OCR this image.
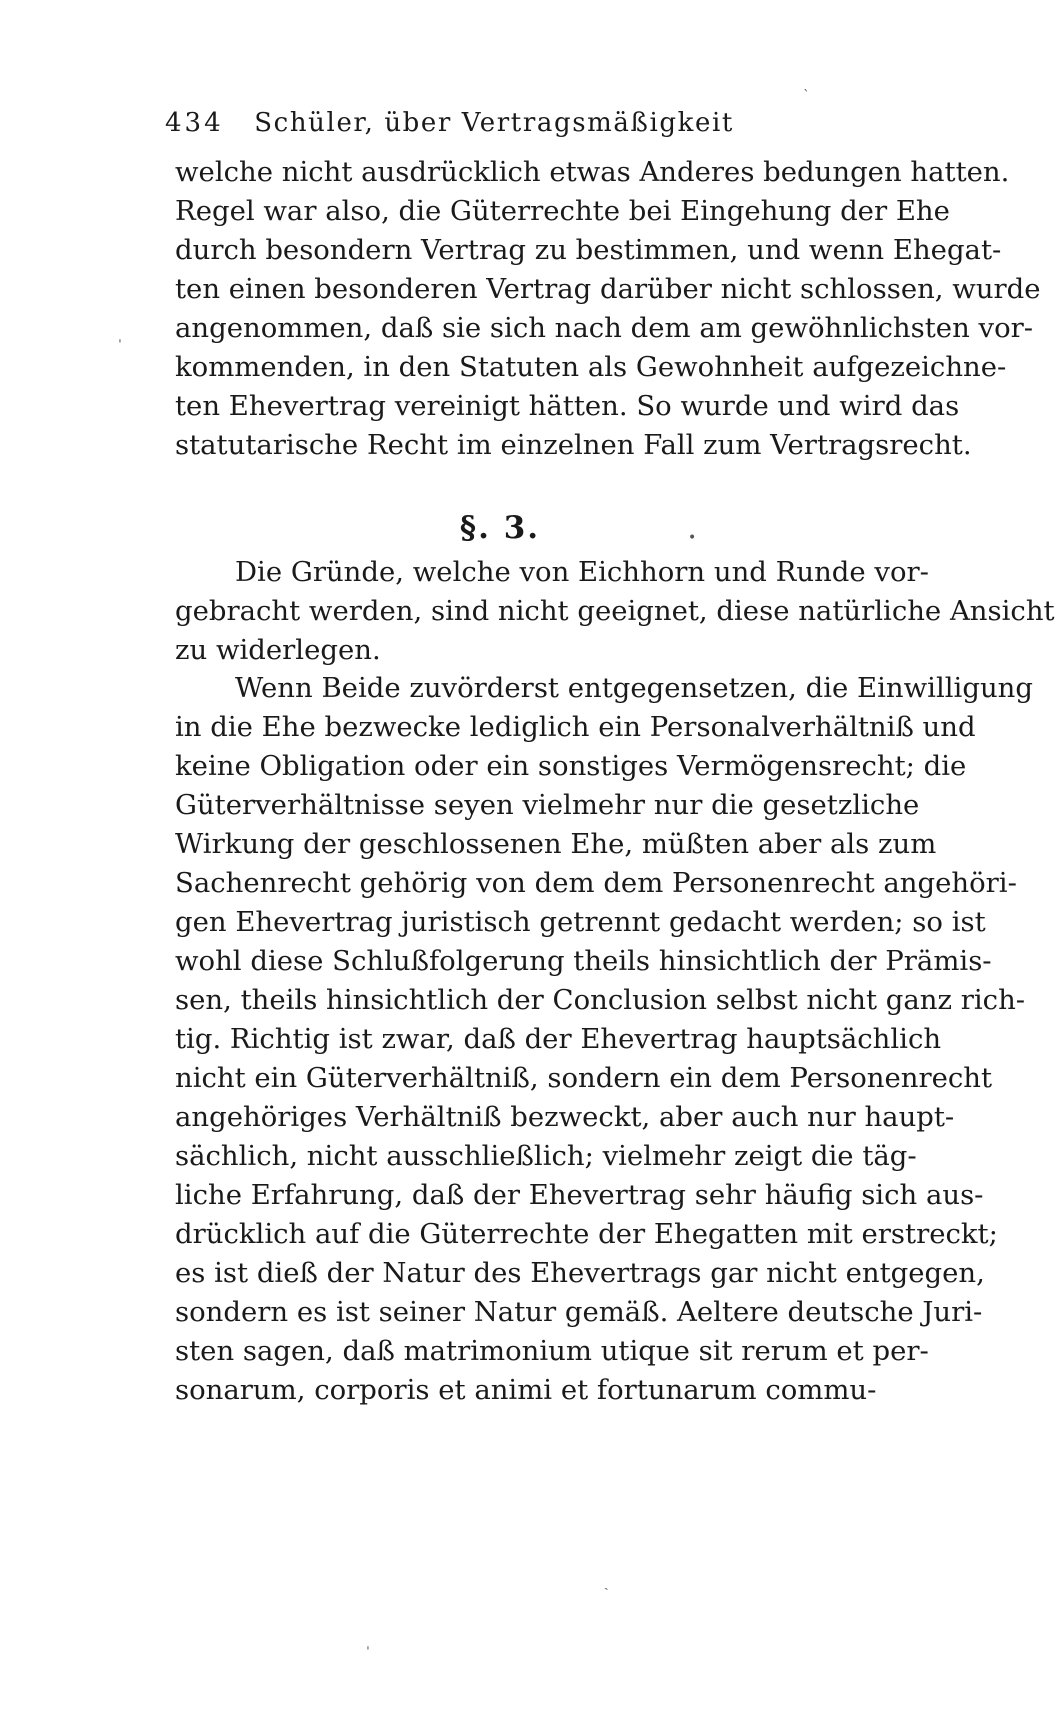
434 Schüler, über Vertragsmäßigkeit
welche nicht ausdrücklich etwas Anderes bedungen hatten.
Regel war also, die Güterrechte bei Eingehung der Ehe
durch besondern Vertrag zu bestimmen, und wenn Ehegat-
ten einen besonderen Vertrag darüber nicht schlossen, wurde
angenommen, daß sie sich nach dem am gewöhnlichsten vor-
kommenden, in den Statuten als Gewohnheit aufgezeichne-
ten Ehevertrag vereinigt hätten. So wurde und wird das
statutarische Recht im einzelnen Fall zum Vertragsrecht.
§. 3.
Die Gründe, welche von Eichhorn und Runde vor-
gebracht werden, sind nicht geeignet, diese natürliche Ansicht
zu widerlegen.
Wenn Beide zuvörderst entgegensetzen, die Einwilligung
in die Ehe bezwecke lediglich ein Personalverhältniß und
keine Obligation oder ein sonstiges Vermögensrecht; die
Güterverhältnisse seyen vielmehr nur die gesetzliche
Wirkung der geschlossenen Ehe, müßten aber als zum
Sachenrecht gehörig von dem dem Personenrecht angehöri-
gen Ehevertrag juristisch getrennt gedacht werden; so ist
wohl diese Schlußfolgerung theils hinsichtlich der Prämis-
sen, theils hinsichtlich der Conclusion selbst nicht ganz rich-
tig. Richtig ist zwar, daß der Ehevertrag hauptsächlich
nicht ein Güterverhältniß, sondern ein dem Personenrecht
angehöriges Verhältniß bezweckt, aber auch nur haupt-
sächlich, nicht ausschließlich; vielmehr zeigt die täg-
liche Erfahrung, daß der Ehevertrag sehr häufig sich aus-
drücklich auf die Güterrechte der Ehegatten mit erstreckt;
es ist dieß der Natur des Ehevertrags gar nicht entgegen,
sondern es ist seiner Natur gemäß. Aeltere deutsche Juri-
sten sagen, daß matrimonium utique sit rerum et per-
sonarum, corporis et animi et fortunarum commu-
ˋ
ˈ
•
ˏ
ˈ
